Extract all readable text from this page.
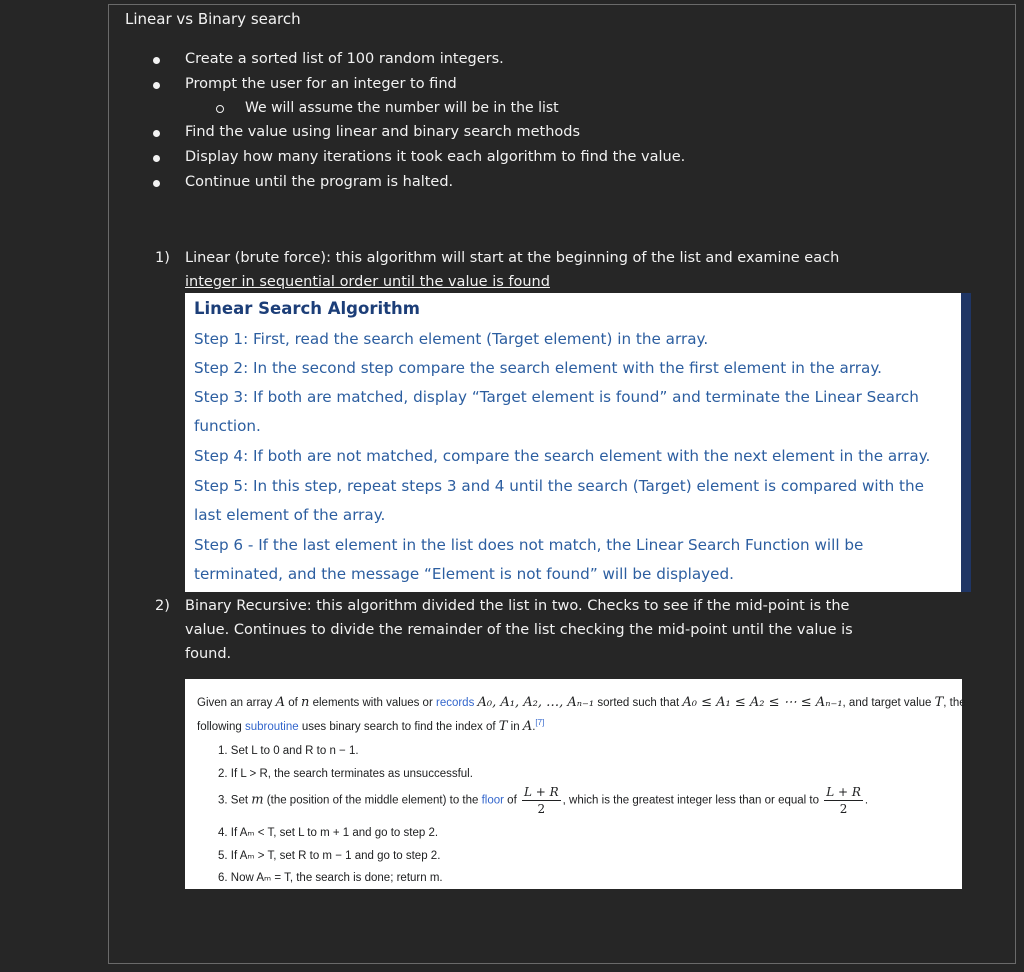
Linear vs Binary search
Create a sorted list of 100 random integers.
Prompt the user for an integer to find
We will assume the number will be in the list
Find the value using linear and binary search methods
Display how many iterations it took each algorithm to find the value.
Continue until the program is halted.
1) Linear (brute force): this algorithm will start at the beginning of the list and examine each
integer in sequential order until the value is found
Linear Search Algorithm
Step 1: First, read the search element (Target element) in the array.
Step 2: In the second step compare the search element with the first element in the array.
Step 3: If both are matched, display “Target element is found” and terminate the Linear Search
function.
Step 4: If both are not matched, compare the search element with the next element in the array.
Step 5: In this step, repeat steps 3 and 4 until the search (Target) element is compared with the
last element of the array.
Step 6 - If the last element in the list does not match, the Linear Search Function will be
terminated, and the message “Element is not found” will be displayed.
2) Binary Recursive: this algorithm divided the list in two. Checks to see if the mid-point is the
value. Continues to divide the remainder of the list checking the mid-point until the value is
found.
Given an array A of n elements with values or records A₀, A₁, A₂, …, Aₙ₋₁ sorted such that A₀ ≤ A₁ ≤ A₂ ≤ ⋯ ≤ Aₙ₋₁, and target value T, the
following subroutine uses binary search to find the index of T in A.[7]
1. Set L to 0 and R to n − 1.
2. If L > R, the search terminates as unsuccessful.
3. Set m (the position of the middle element) to the floor of $\frac{L + R}{2}$ , which is the greatest integer less than or equal to $\frac{L + R}{2}$ .
4. If Aₘ < T, set L to m + 1 and go to step 2.
5. If Aₘ > T, set R to m − 1 and go to step 2.
6. Now Aₘ = T, the search is done; return m.
